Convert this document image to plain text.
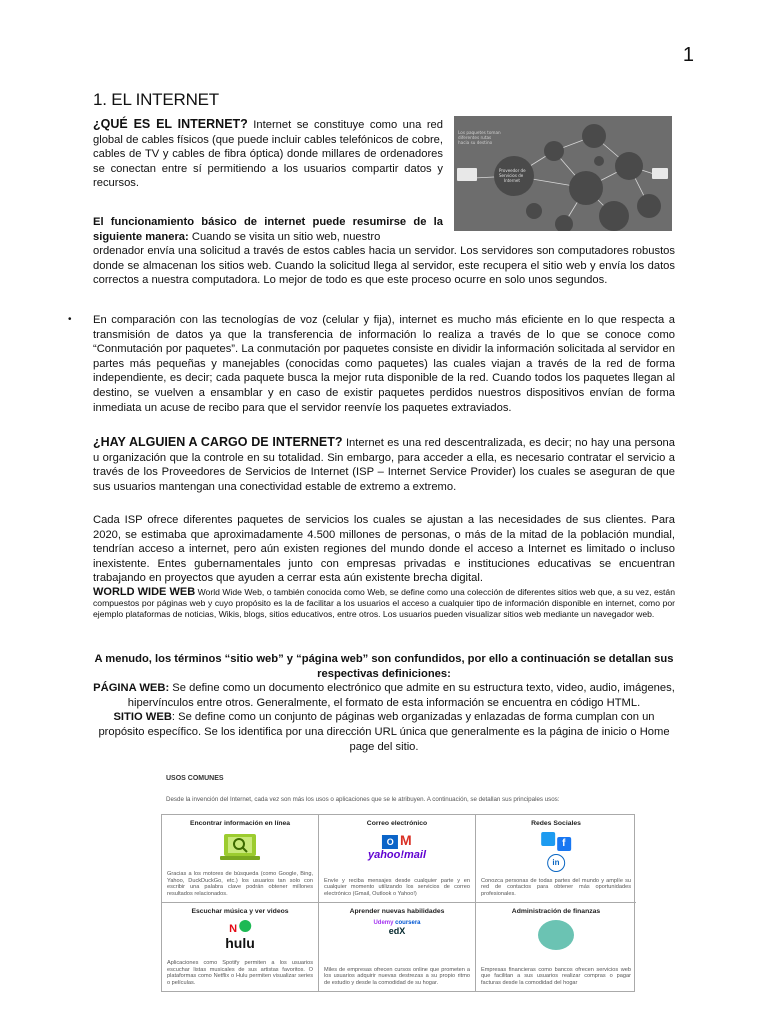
1
1. EL INTERNET

¿QUÉ ES EL INTERNET? Internet se constituye como una red global de cables físicos (que puede incluir cables telefónicos de cobre, cables de TV y cables de fibra óptica) donde millares de ordenadores se conectan entre sí permitiendo a los usuarios compartir datos y recursos.

Los paquetes toman
diferentes rutas
hacia su destino
Proveedor de
Servicios de
Internet

El funcionamiento básico de internet puede resumirse de la siguiente manera: Cuando se visita un sitio web, nuestro

ordenador envía una solicitud a través de estos cables hacia un servidor. Los servidores son computadores robustos donde se almacenan los sitios web. Cuando la solicitud llega al servidor, este recupera el sitio web y envía los datos correctos a nuestra computadora. Lo mejor de todo es que este proceso ocurre en solo unos segundos.

• En comparación con las tecnologías de voz (celular y fija), internet es mucho más eficiente en lo que respecta a transmisión de datos ya que la transferencia de información lo realiza a través de lo que se conoce como “Conmutación por paquetes”. La conmutación por paquetes consiste en dividir la información solicitada al servidor en partes más pequeñas y manejables (conocidas como paquetes) las cuales viajan a través de la red de forma independiente, es decir; cada paquete busca la mejor ruta disponible de la red. Cuando todos los paquetes llegan al destino, se vuelven a ensamblar y en caso de existir paquetes perdidos nuestros dispositivos envían de forma inmediata un acuse de recibo para que el servidor reenvíe los paquetes extraviados.

¿HAY ALGUIEN A CARGO DE INTERNET? Internet es una red descentralizada, es decir; no hay una persona u organización que la controle en su totalidad. Sin embargo, para acceder a ella, es necesario contratar el servicio a través de los Proveedores de Servicios de Internet (ISP – Internet Service Provider) los cuales se aseguran de que sus usuarios mantengan una conectividad estable de extremo a extremo.

Cada ISP ofrece diferentes paquetes de servicios los cuales se ajustan a las necesidades de sus clientes. Para 2020, se estimaba que aproximadamente 4.500 millones de personas, o más de la mitad de la población mundial, tendrían acceso a internet, pero aún existen regiones del mundo donde el acceso a Internet es limitado o incluso inexistente. Entes gubernamentales junto con empresas privadas e instituciones educativas se encuentran trabajando en proyectos que ayuden a cerrar esta aún existente brecha digital.

WORLD WIDE WEB World Wide Web, o también conocida como Web, se define como una colección de diferentes sitios web que, a su vez, están compuestos por páginas web y cuyo propósito es la de facilitar a los usuarios el acceso a cualquier tipo de información disponible en internet, como por ejemplo plataformas de noticias, Wikis, blogs, sitios educativos, entre otros. Los usuarios pueden visualizar sitios web mediante un navegador web.

A menudo, los términos “sitio web” y “página web” son confundidos, por ello a continuación se detallan sus respectivas definiciones:
PÁGINA WEB: Se define como un documento electrónico que admite en su estructura texto, video, audio, imágenes, hipervínculos entre otros. Generalmente, el formato de esta información se encuentra en código HTML.
SITIO WEB: Se define como un conjunto de páginas web organizadas y enlazadas de forma cumplan con un propósito específico. Se los identifica por una dirección URL única que generalmente es la página de inicio o Home page del sitio.

USOS COMUNES
Desde la invención del Internet, cada vez son más los usos o aplicaciones que se le atribuyen. A continuación, se detallan sus principales usos:
Encontrar información en línea
Gracias a los motores de búsqueda (como Google, Bing, Yahoo, DuckDuckGo, etc.) los usuarios tan solo con escribir una palabra clave podrán obtener millones resultados relacionados.
Correo electrónico
O M
yahoo!mail
Envíe y reciba mensajes desde cualquier parte y en cualquier momento utilizando los servicios de correo electrónico (Gmail, Outlook o Yahoo!)
Redes Sociales
f
in
Conozca personas de todas partes del mundo y amplíe su red de contactos para obtener más oportunidades profesionales.
Escuchar música y ver videos
N
hulu
Aplicaciones como Spotify permiten a los usuarios escuchar listas musicales de sus artistas favoritos. O plataformas como Netflix o Hulu permiten visualizar series o películas.
Aprender nuevas habilidades
Udemy coursera
edX
Miles de empresas ofrecen cursos online que prometen a los usuarios adquirir nuevas destrezas a su propio ritmo de estudio y desde la comodidad de su hogar.
Administración de finanzas
Empresas financieras como bancos ofrecen servicios web que facilitan a sus usuarios realizar compras o pagar facturas desde la comodidad del hogar
